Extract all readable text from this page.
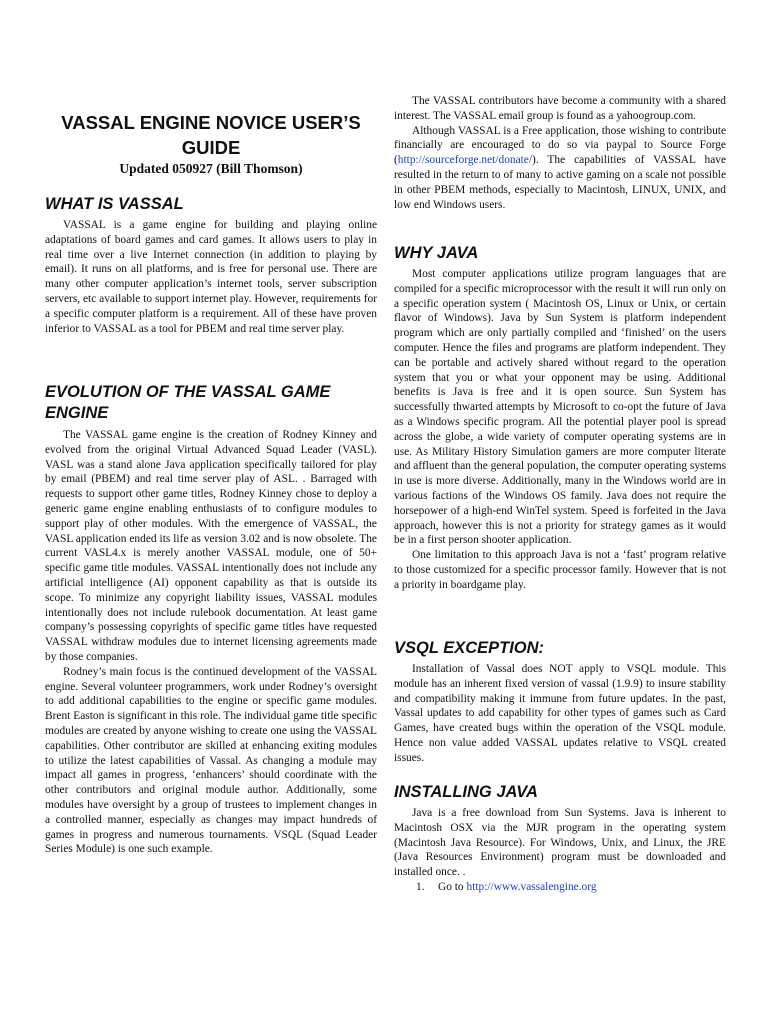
VASSAL ENGINE NOVICE USER’S GUIDE

Updated 050927 (Bill Thomson)

WHAT IS VASSAL

VASSAL is a game engine for building and playing online adaptations of board games and card games. It allows users to play in real time over a live Internet connection (in addition to playing by email). It runs on all platforms, and is free for personal use. There are many other computer application’s internet tools, server subscription servers, etc available to support internet play. However, requirements for a specific computer platform is a requirement. All of these have proven inferior to VASSAL as a tool for PBEM and real time server play.

EVOLUTION OF THE VASSAL GAME ENGINE

The VASSAL game engine is the creation of Rodney Kinney and evolved from the original Virtual Advanced Squad Leader (VASL). VASL was a stand alone Java application specifically tailored for play by email (PBEM) and real time server play of ASL. . Barraged with requests to support other game titles, Rodney Kinney chose to deploy a generic game engine enabling enthusiasts of to configure modules to support play of other modules. With the emergence of VASSAL, the VASL application ended its life as version 3.02 and is now obsolete. The current VASL4.x is merely another VASSAL module, one of 50+ specific game title modules. VASSAL intentionally does not include any artificial intelligence (AI) opponent capability as that is outside its scope. To minimize any copyright liability issues, VASSAL modules intentionally does not include rulebook documentation. At least game company’s possessing copyrights of specific game titles have requested VASSAL withdraw modules due to internet licensing agreements made by those companies.

Rodney’s main focus is the continued development of the VASSAL engine. Several volunteer programmers, work under Rodney’s oversight to add additional capabilities to the engine or specific game modules. Brent Easton is significant in this role. The individual game title specific modules are created by anyone wishing to create one using the VASSAL capabilities. Other contributor are skilled at enhancing exiting modules to utilize the latest capabilities of Vassal. As changing a module may impact all games in progress, ‘enhancers’ should coordinate with the other contributors and original module author. Additionally, some modules have oversight by a group of trustees to implement changes in a controlled manner, especially as changes may impact hundreds of games in progress and numerous tournaments. VSQL (Squad Leader Series Module) is one such example.

The VASSAL contributors have become a community with a shared interest. The VASSAL email group is found as a yahoogroup.com.

Although VASSAL is a Free application, those wishing to contribute financially are encouraged to do so via paypal to Source Forge (http://sourceforge.net/donate/). The capabilities of VASSAL have resulted in the return to of many to active gaming on a scale not possible in other PBEM methods, especially to Macintosh, LINUX, UNIX, and low end Windows users.

WHY JAVA

Most computer applications utilize program languages that are compiled for a specific microprocessor with the result it will run only on a specific operation system ( Macintosh OS, Linux or Unix, or certain flavor of Windows). Java by Sun System is platform independent program which are only partially compiled and ‘finished’ on the users computer. Hence the files and programs are platform independent. They can be portable and actively shared without regard to the operation system that you or what your opponent may be using. Additional benefits is Java is free and it is open source. Sun System has successfully thwarted attempts by Microsoft to co-opt the future of Java as a Windows specific program. All the potential player pool is spread across the globe, a wide variety of computer operating systems are in use. As Military History Simulation gamers are more computer literate and affluent than the general population, the computer operating systems in use is more diverse. Additionally, many in the Windows world are in various factions of the Windows OS family. Java does not require the horsepower of a high-end WinTel system. Speed is forfeited in the Java approach, however this is not a priority for strategy games as it would be in a first person shooter application.

One limitation to this approach Java is not a ‘fast’ program relative to those customized for a specific processor family. However that is not a priority in boardgame play.

VSQL EXCEPTION:

Installation of Vassal does NOT apply to VSQL module. This module has an inherent fixed version of vassal (1.9.9) to insure stability and compatibility making it immune from future updates. In the past, Vassal updates to add capability for other types of games such as Card Games, have created bugs within the operation of the VSQL module. Hence non value added VASSAL updates relative to VSQL created issues.

INSTALLING JAVA

Java is a free download from Sun Systems. Java is inherent to Macintosh OSX via the MJR program in the operating system (Macintosh Java Resource). For Windows, Unix, and Linux, the JRE (Java Resources Environment) program must be downloaded and installed once. .

1. Go to http://www.vassalengine.org
